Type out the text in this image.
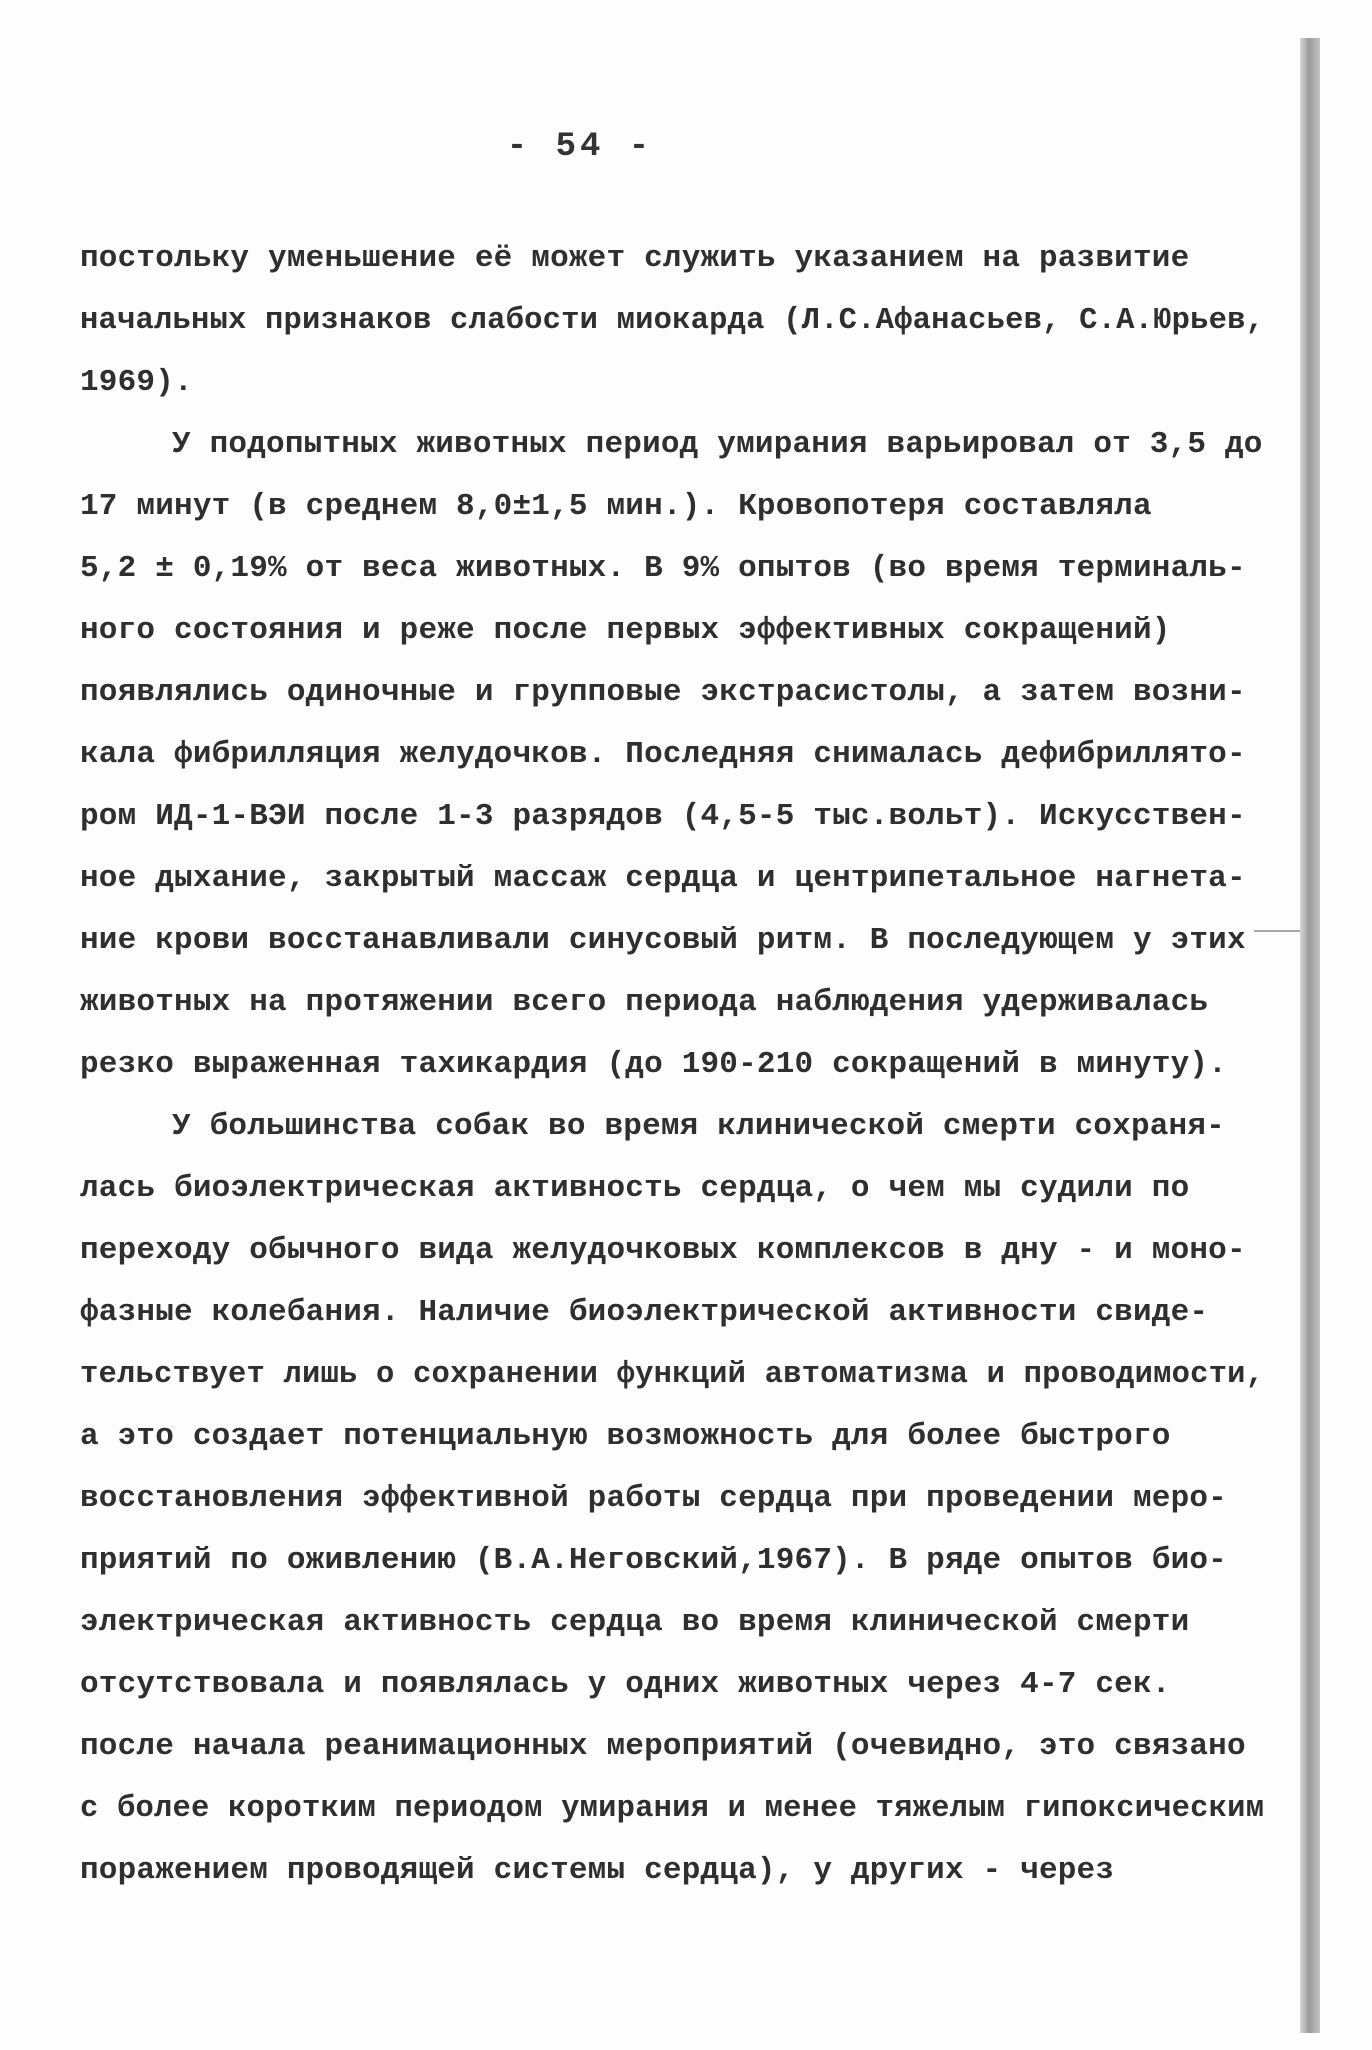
- 54 -
постольку уменьшение её может служить указанием на развитие
начальных признаков слабости миокарда (Л.С.Афанасьев, С.А.Юрьев,
1969).
У подопытных животных период умирания варьировал от 3,5 до
17 минут (в среднем 8,0±1,5 мин.). Кровопотеря составляла
5,2 ± 0,19% от веса животных. В 9% опытов (во время терминаль-
ного состояния и реже после первых эффективных сокращений)
появлялись одиночные и групповые экстрасистолы, а затем возни-
кала фибрилляция желудочков. Последняя снималась дефибриллято-
ром ИД-1-ВЭИ после 1-3 разрядов (4,5-5 тыс.вольт). Искусствен-
ное дыхание, закрытый массаж сердца и центрипетальное нагнета-
ние крови восстанавливали синусовый ритм. В последующем у этих
животных на протяжении всего периода наблюдения удерживалась
резко выраженная тахикардия (до 190-210 сокращений в минуту).
У большинства собак во время клинической смерти сохраня-
лась биоэлектрическая активность сердца, о чем мы судили по
переходу обычного вида желудочковых комплексов в дну - и моно-
фазные колебания. Наличие биоэлектрической активности свиде-
тельствует лишь о сохранении функций автоматизма и проводимости,
а это создает потенциальную возможность для более быстрого
восстановления эффективной работы сердца при проведении меро-
приятий по оживлению (В.А.Неговский,1967). В ряде опытов био-
электрическая активность сердца во время клинической смерти
отсутствовала и появлялась у одних животных через 4-7 сек.
после начала реанимационных мероприятий (очевидно, это связано
с более коротким периодом умирания и менее тяжелым гипоксическим
поражением проводящей системы сердца), у других - через
